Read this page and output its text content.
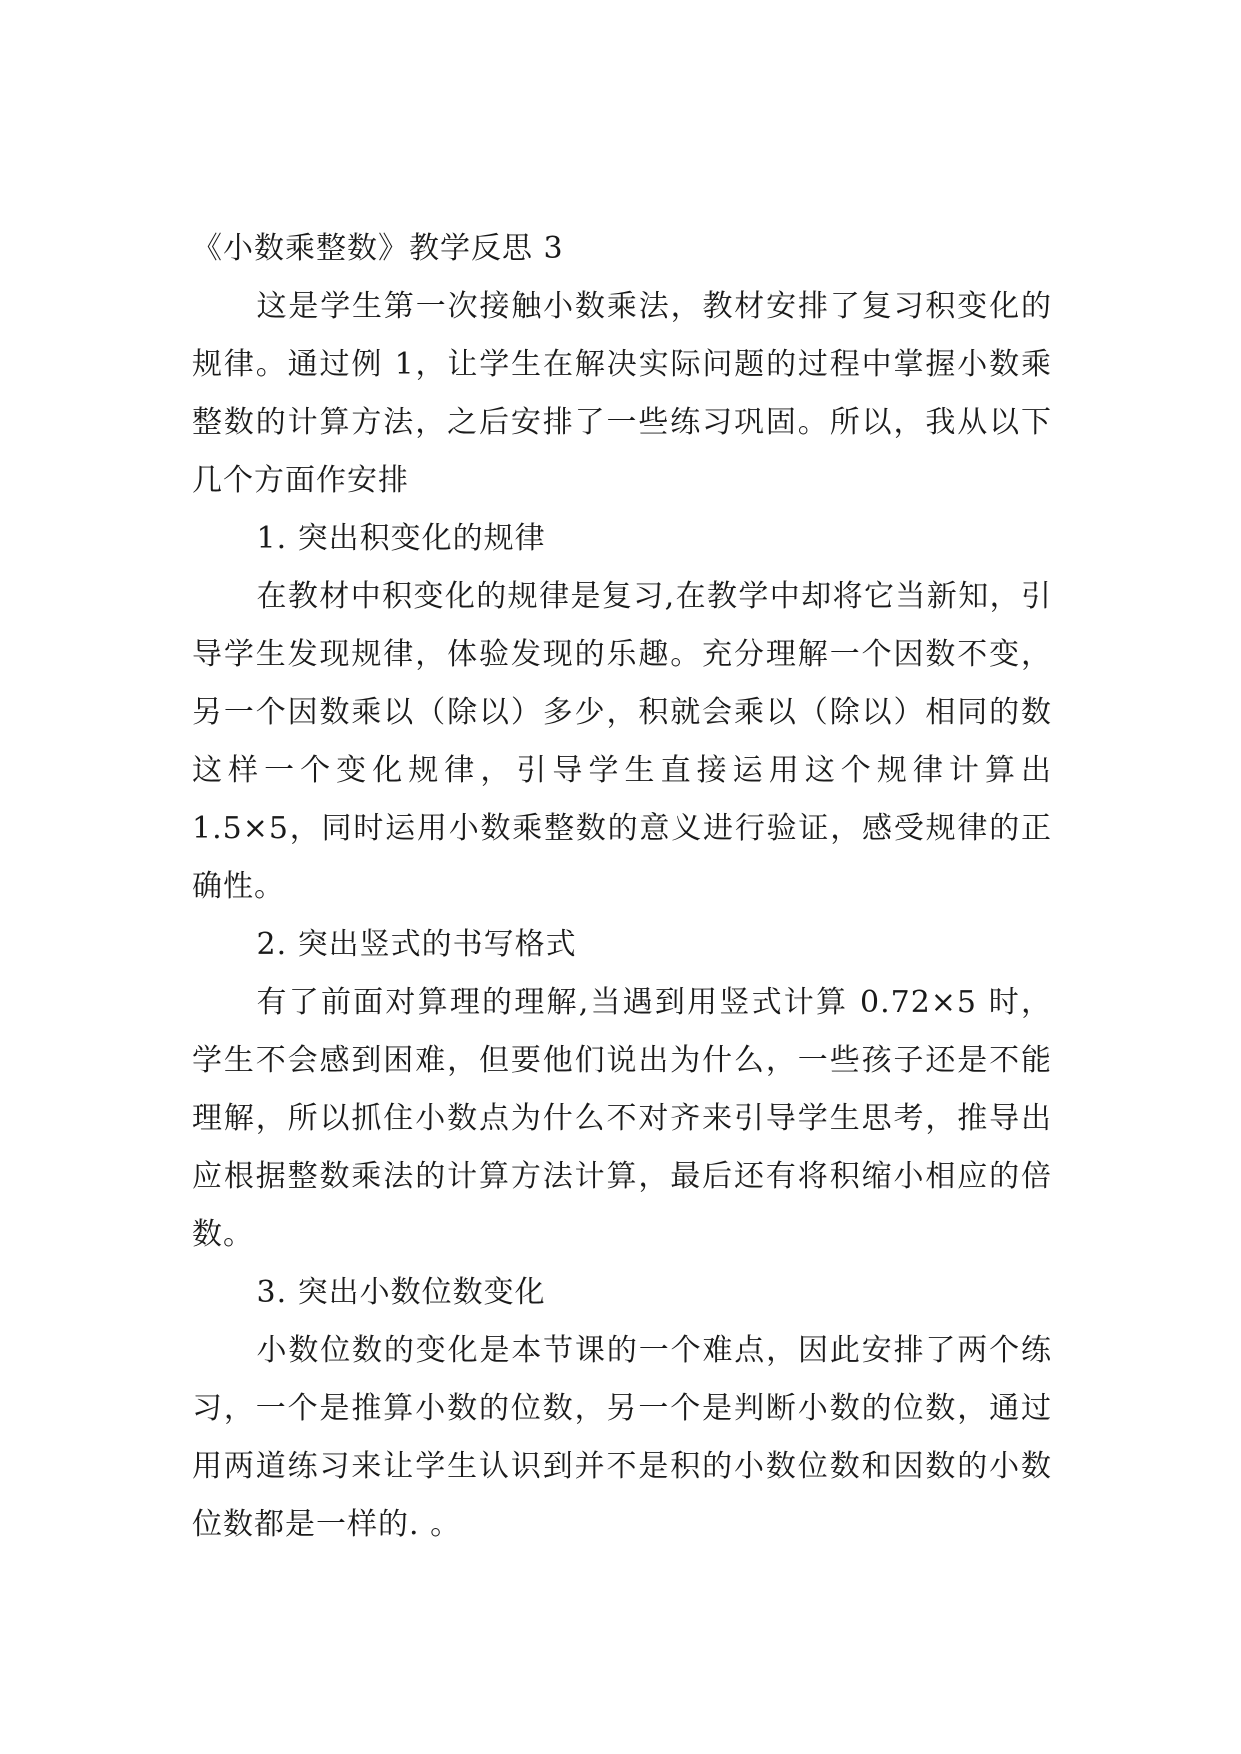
《小数乘整数》教学反思 3

这是学生第一次接触小数乘法，教材安排了复习积变化的规律。通过例 1，让学生在解决实际问题的过程中掌握小数乘整数的计算方法，之后安排了一些练习巩固。所以，我从以下几个方面作安排

1. 突出积变化的规律

在教材中积变化的规律是复习,在教学中却将它当新知，引导学生发现规律，体验发现的乐趣。充分理解一个因数不变，另一个因数乘以（除以）多少，积就会乘以（除以）相同的数这样一个变化规律，引导学生直接运用这个规律计算出 1.5×5，同时运用小数乘整数的意义进行验证，感受规律的正确性。

2. 突出竖式的书写格式

有了前面对算理的理解,当遇到用竖式计算 0.72×5 时，学生不会感到困难，但要他们说出为什么，一些孩子还是不能理解，所以抓住小数点为什么不对齐来引导学生思考，推导出应根据整数乘法的计算方法计算，最后还有将积缩小相应的倍数。

3. 突出小数位数变化

小数位数的变化是本节课的一个难点，因此安排了两个练习，一个是推算小数的位数，另一个是判断小数的位数，通过用两道练习来让学生认识到并不是积的小数位数和因数的小数位数都是一样的. 。
